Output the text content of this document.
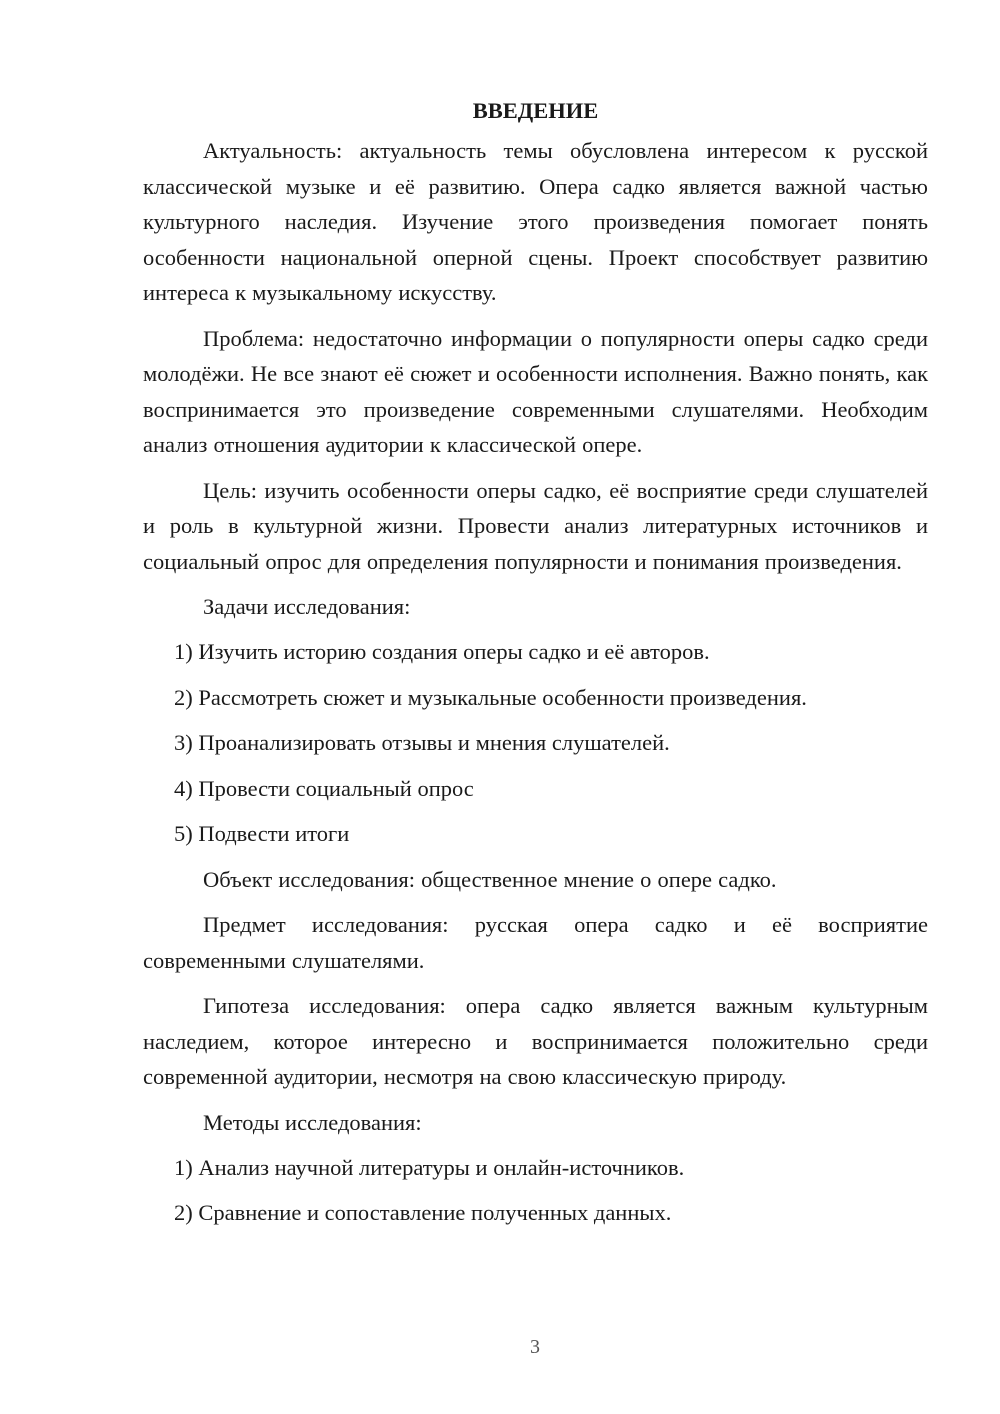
ВВЕДЕНИЕ

Актуальность: актуальность темы обусловлена интересом к русской классической музыке и её развитию. Опера садко является важной частью культурного наследия. Изучение этого произведения помогает понять особенности национальной оперной сцены. Проект способствует развитию интереса к музыкальному искусству.

Проблема: недостаточно информации о популярности оперы садко среди молодёжи. Не все знают её сюжет и особенности исполнения. Важно понять, как воспринимается это произведение современными слушателями. Необходим анализ отношения аудитории к классической опере.

Цель: изучить особенности оперы садко, её восприятие среди слушателей и роль в культурной жизни. Провести анализ литературных источников и социальный опрос для определения популярности и понимания произведения.

Задачи исследования:
1) Изучить историю создания оперы садко и её авторов.
2) Рассмотреть сюжет и музыкальные особенности произведения.
3) Проанализировать отзывы и мнения слушателей.
4) Провести социальный опрос
5) Подвести итоги

Объект исследования: общественное мнение о опере садко.

Предмет исследования: русская опера садко и её восприятие современными слушателями.

Гипотеза исследования: опера садко является важным культурным наследием, которое интересно и воспринимается положительно среди современной аудитории, несмотря на свою классическую природу.

Методы исследования:
1) Анализ научной литературы и онлайн-источников.
2) Сравнение и сопоставление полученных данных.
3
